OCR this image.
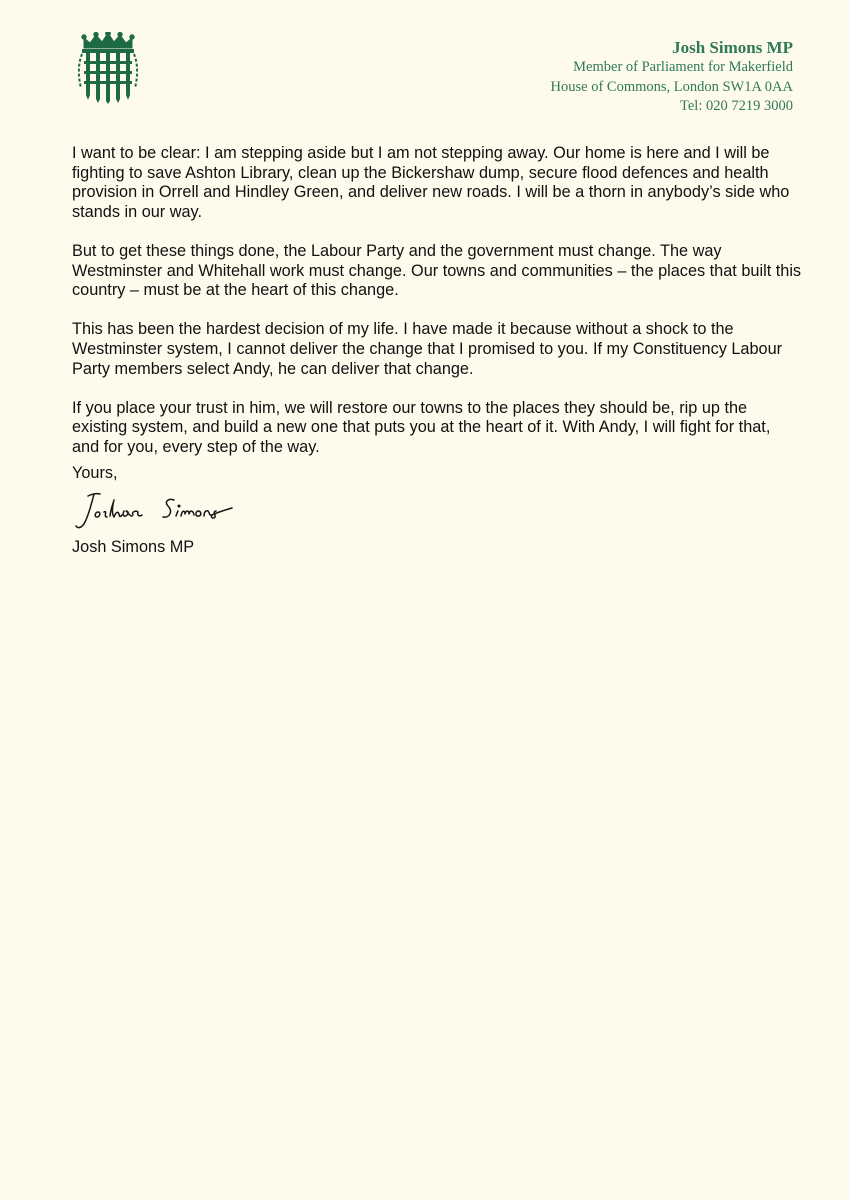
Josh Simons MP
Member of Parliament for Makerfield
House of Commons, London SW1A 0AA
Tel: 020 7219 3000

I want to be clear: I am stepping aside but I am not stepping away. Our home is here and I will be fighting to save Ashton Library, clean up the Bickershaw dump, secure flood defences and health provision in Orrell and Hindley Green, and deliver new roads. I will be a thorn in anybody’s side who stands in our way.

But to get these things done, the Labour Party and the government must change. The way Westminster and Whitehall work must change. Our towns and communities – the places that built this country – must be at the heart of this change.

This has been the hardest decision of my life. I have made it because without a shock to the Westminster system, I cannot deliver the change that I promised to you. If my Constituency Labour Party members select Andy, he can deliver that change.

If you place your trust in him, we will restore our towns to the places they should be, rip up the existing system, and build a new one that puts you at the heart of it. With Andy, I will fight for that, and for you, every step of the way.

Yours,
Josh Simons MP
